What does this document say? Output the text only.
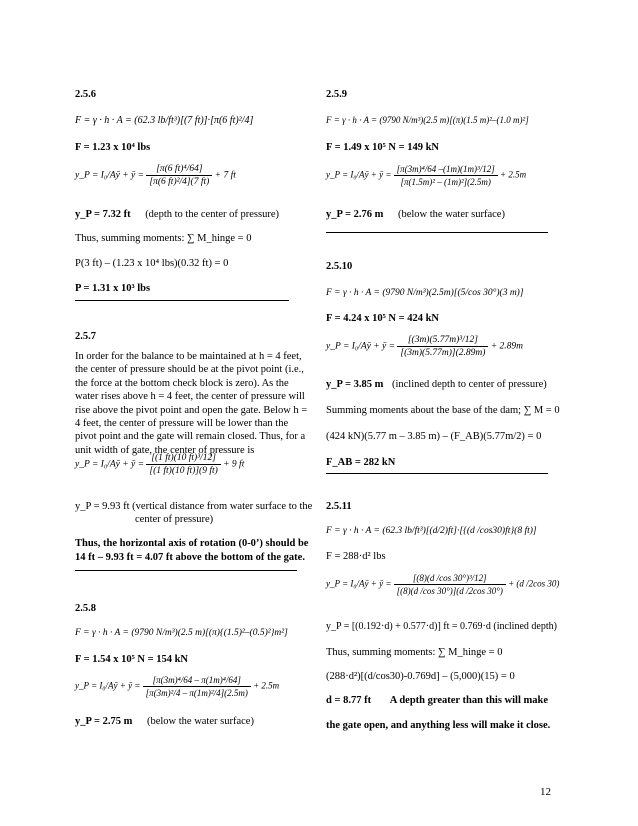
2.5.6
F = γ · h · A = (62.3 lb/ft³)[(7 ft)]·[π(6 ft)²/4]
F = 1.23 x 10⁴ lbs
y_P = I₀/Aȳ + ȳ = $\frac{\text{[π(6 ft)⁴/64]}}{\text{[π(6 ft)²/4](7 ft)}} + 7$ ft
y_P = 7.32 ft (depth to the center of pressure)
Thus, summing moments: ∑ M_hinge = 0
P(3 ft) – (1.23 x 10⁴ lbs)(0.32 ft) = 0
P = 1.31 x 10³ lbs
2.5.7
In order for the balance to be maintained at h = 4 feet,
the center of pressure should be at the pivot point (i.e.,
the force at the bottom check block is zero). As the
water rises above h = 4 feet, the center of pressure will
rise above the pivot point and open the gate. Below h =
4 feet, the center of pressure will be lower than the
pivot point and the gate will remain closed. Thus, for a
unit width of gate, the center of pressure is
y_P = I₀/Aȳ + ȳ = $\frac{\text{[(1 ft)(10 ft)³/12]}}{[(1 ft)(10 ft)](9 ft)} + 9$ ft
y_P = 9.93 ft (vertical distance from water surface to the
center of pressure)
Thus, the horizontal axis of rotation (0-0’) should be
14 ft – 9.93 ft = 4.07 ft above the bottom of the gate.
2.5.8
F = γ · h · A = (9790 N/m³)(2.5 m)[(π){(1.5)²–(0.5)²}m²]
F = 1.54 x 10⁵ N = 154 kN
y_P = I₀/Aȳ + ȳ = $\frac{\text{[π(3m)⁴/64 – π(1m)⁴/64]}}{\text{[π(3m)²/4 – π(1m)²/4](2.5m)}} + 2.5m$
y_P = 2.75 m (below the water surface)
2.5.9
F = γ · h · A = (9790 N/m³)(2.5 m)[(π)(1.5 m)²–(1.0 m)²]
F = 1.49 x 10⁵ N = 149 kN
y_P = I₀/Aȳ + ȳ = $\frac{\text{[π(3m)⁴/64 –(1m)(1m)³/12]}}{\text{[π(1.5m)² – (1m)²](2.5m)}} + 2.5m$
y_P = 2.76 m (below the water surface)
2.5.10
F = γ · h · A = (9790 N/m³)(2.5m)[(5/cos 30°)(3 m)]
F = 4.24 x 10⁵ N = 424 kN
y_P = I₀/Aȳ + ȳ = $\frac{\text{[(3m)(5.77m)³/12]}}{[(3m)(5.77m)](2.89m)} + 2.89m$
y_P = 3.85 m (inclined depth to center of pressure)
Summing moments about the base of the dam; ∑ M = 0
(424 kN)(5.77 m – 3.85 m) – (F_AB)(5.77m/2) = 0
F_AB = 282 kN
2.5.11
F = γ · h · A = (62.3 lb/ft³)[(d/2)ft]·[{(d /cos30)ft}(8 ft)]
F = 288·d² lbs
y_P = I₀/Aȳ + ȳ = $\frac{\text{[(8)(d /cos 30°)³/12]}}{[(8)(d /\cos 30^\circ)](d /2\cos 30^\circ)} + (d$ /2cos 30)
y_P = [(0.192·d) + 0.577·d)] ft = 0.769·d (inclined depth)
Thus, summing moments: ∑ M_hinge = 0
(288·d²)[(d/cos30)-0.769d] – (5,000)(15) = 0
d = 8.77 ft A depth greater than this will make
the gate open, and anything less will make it close.
12
